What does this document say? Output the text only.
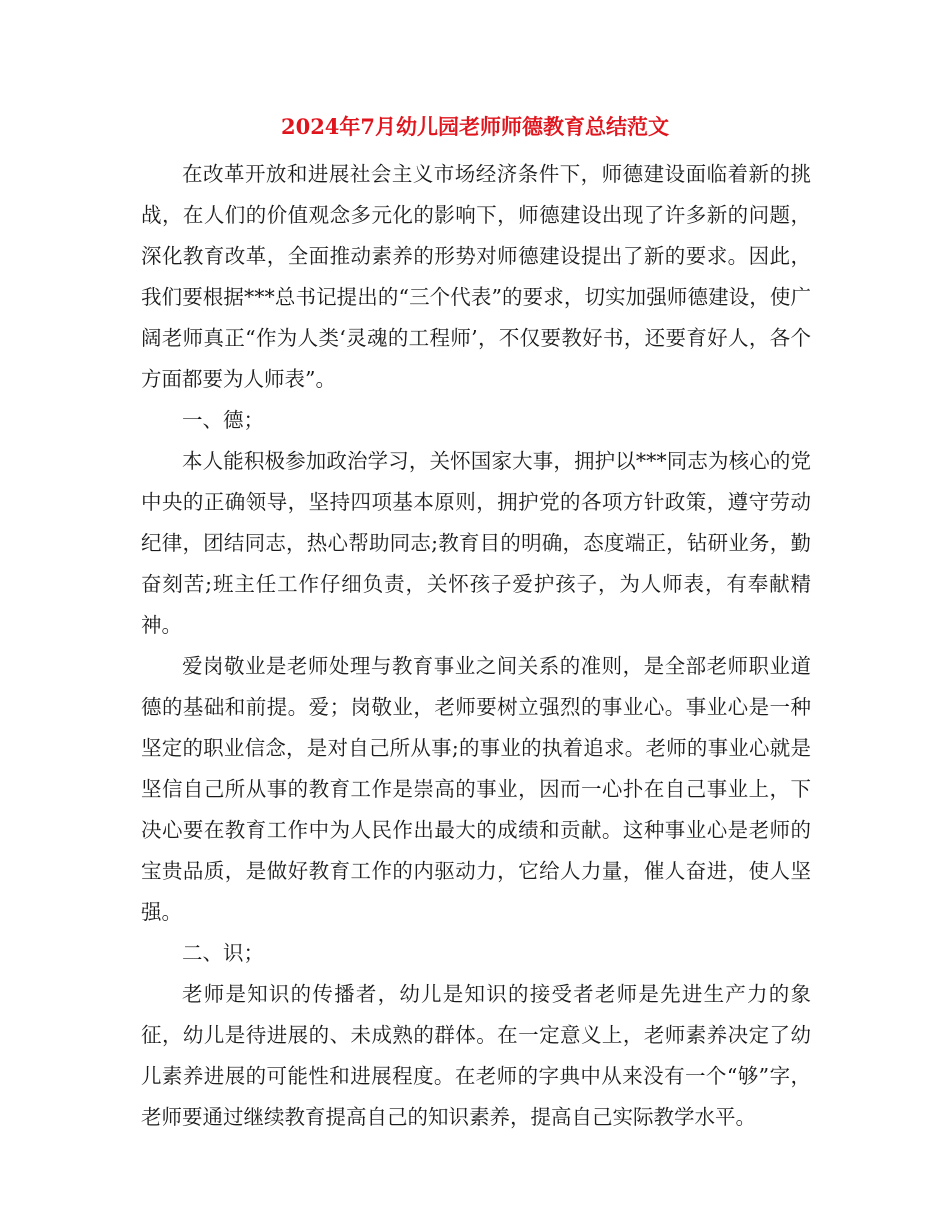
2024年7月幼儿园老师师德教育总结范文

在改革开放和进展社会主义市场经济条件下，师德建设面临着新的挑战，在人们的价值观念多元化的影响下，师德建设出现了许多新的问题，深化教育改革，全面推动素养的形势对师德建设提出了新的要求。因此，我们要根据***总书记提出的“三个代表”的要求，切实加强师德建设，使广阔老师真正“作为人类‘灵魂的工程师’，不仅要教好书，还要育好人，各个方面都要为人师表”。

一、德；

本人能积极参加政治学习，关怀国家大事，拥护以***同志为核心的党中央的正确领导，坚持四项基本原则，拥护党的各项方针政策，遵守劳动纪律，团结同志，热心帮助同志;教育目的明确，态度端正，钻研业务，勤奋刻苦;班主任工作仔细负责，关怀孩子爱护孩子，为人师表，有奉献精神。

爱岗敬业是老师处理与教育事业之间关系的准则，是全部老师职业道德的基础和前提。爱；岗敬业，老师要树立强烈的事业心。事业心是一种坚定的职业信念，是对自己所从事;的事业的执着追求。老师的事业心就是坚信自己所从事的教育工作是崇高的事业，因而一心扑在自己事业上，下决心要在教育工作中为人民作出最大的成绩和贡献。这种事业心是老师的宝贵品质，是做好教育工作的内驱动力，它给人力量，催人奋进，使人坚强。

二、识；

老师是知识的传播者，幼儿是知识的接受者老师是先进生产力的象征，幼儿是待进展的、未成熟的群体。在一定意义上，老师素养决定了幼儿素养进展的可能性和进展程度。在老师的字典中从来没有一个“够”字，老师要通过继续教育提高自己的知识素养，提高自己实际教学水平。
